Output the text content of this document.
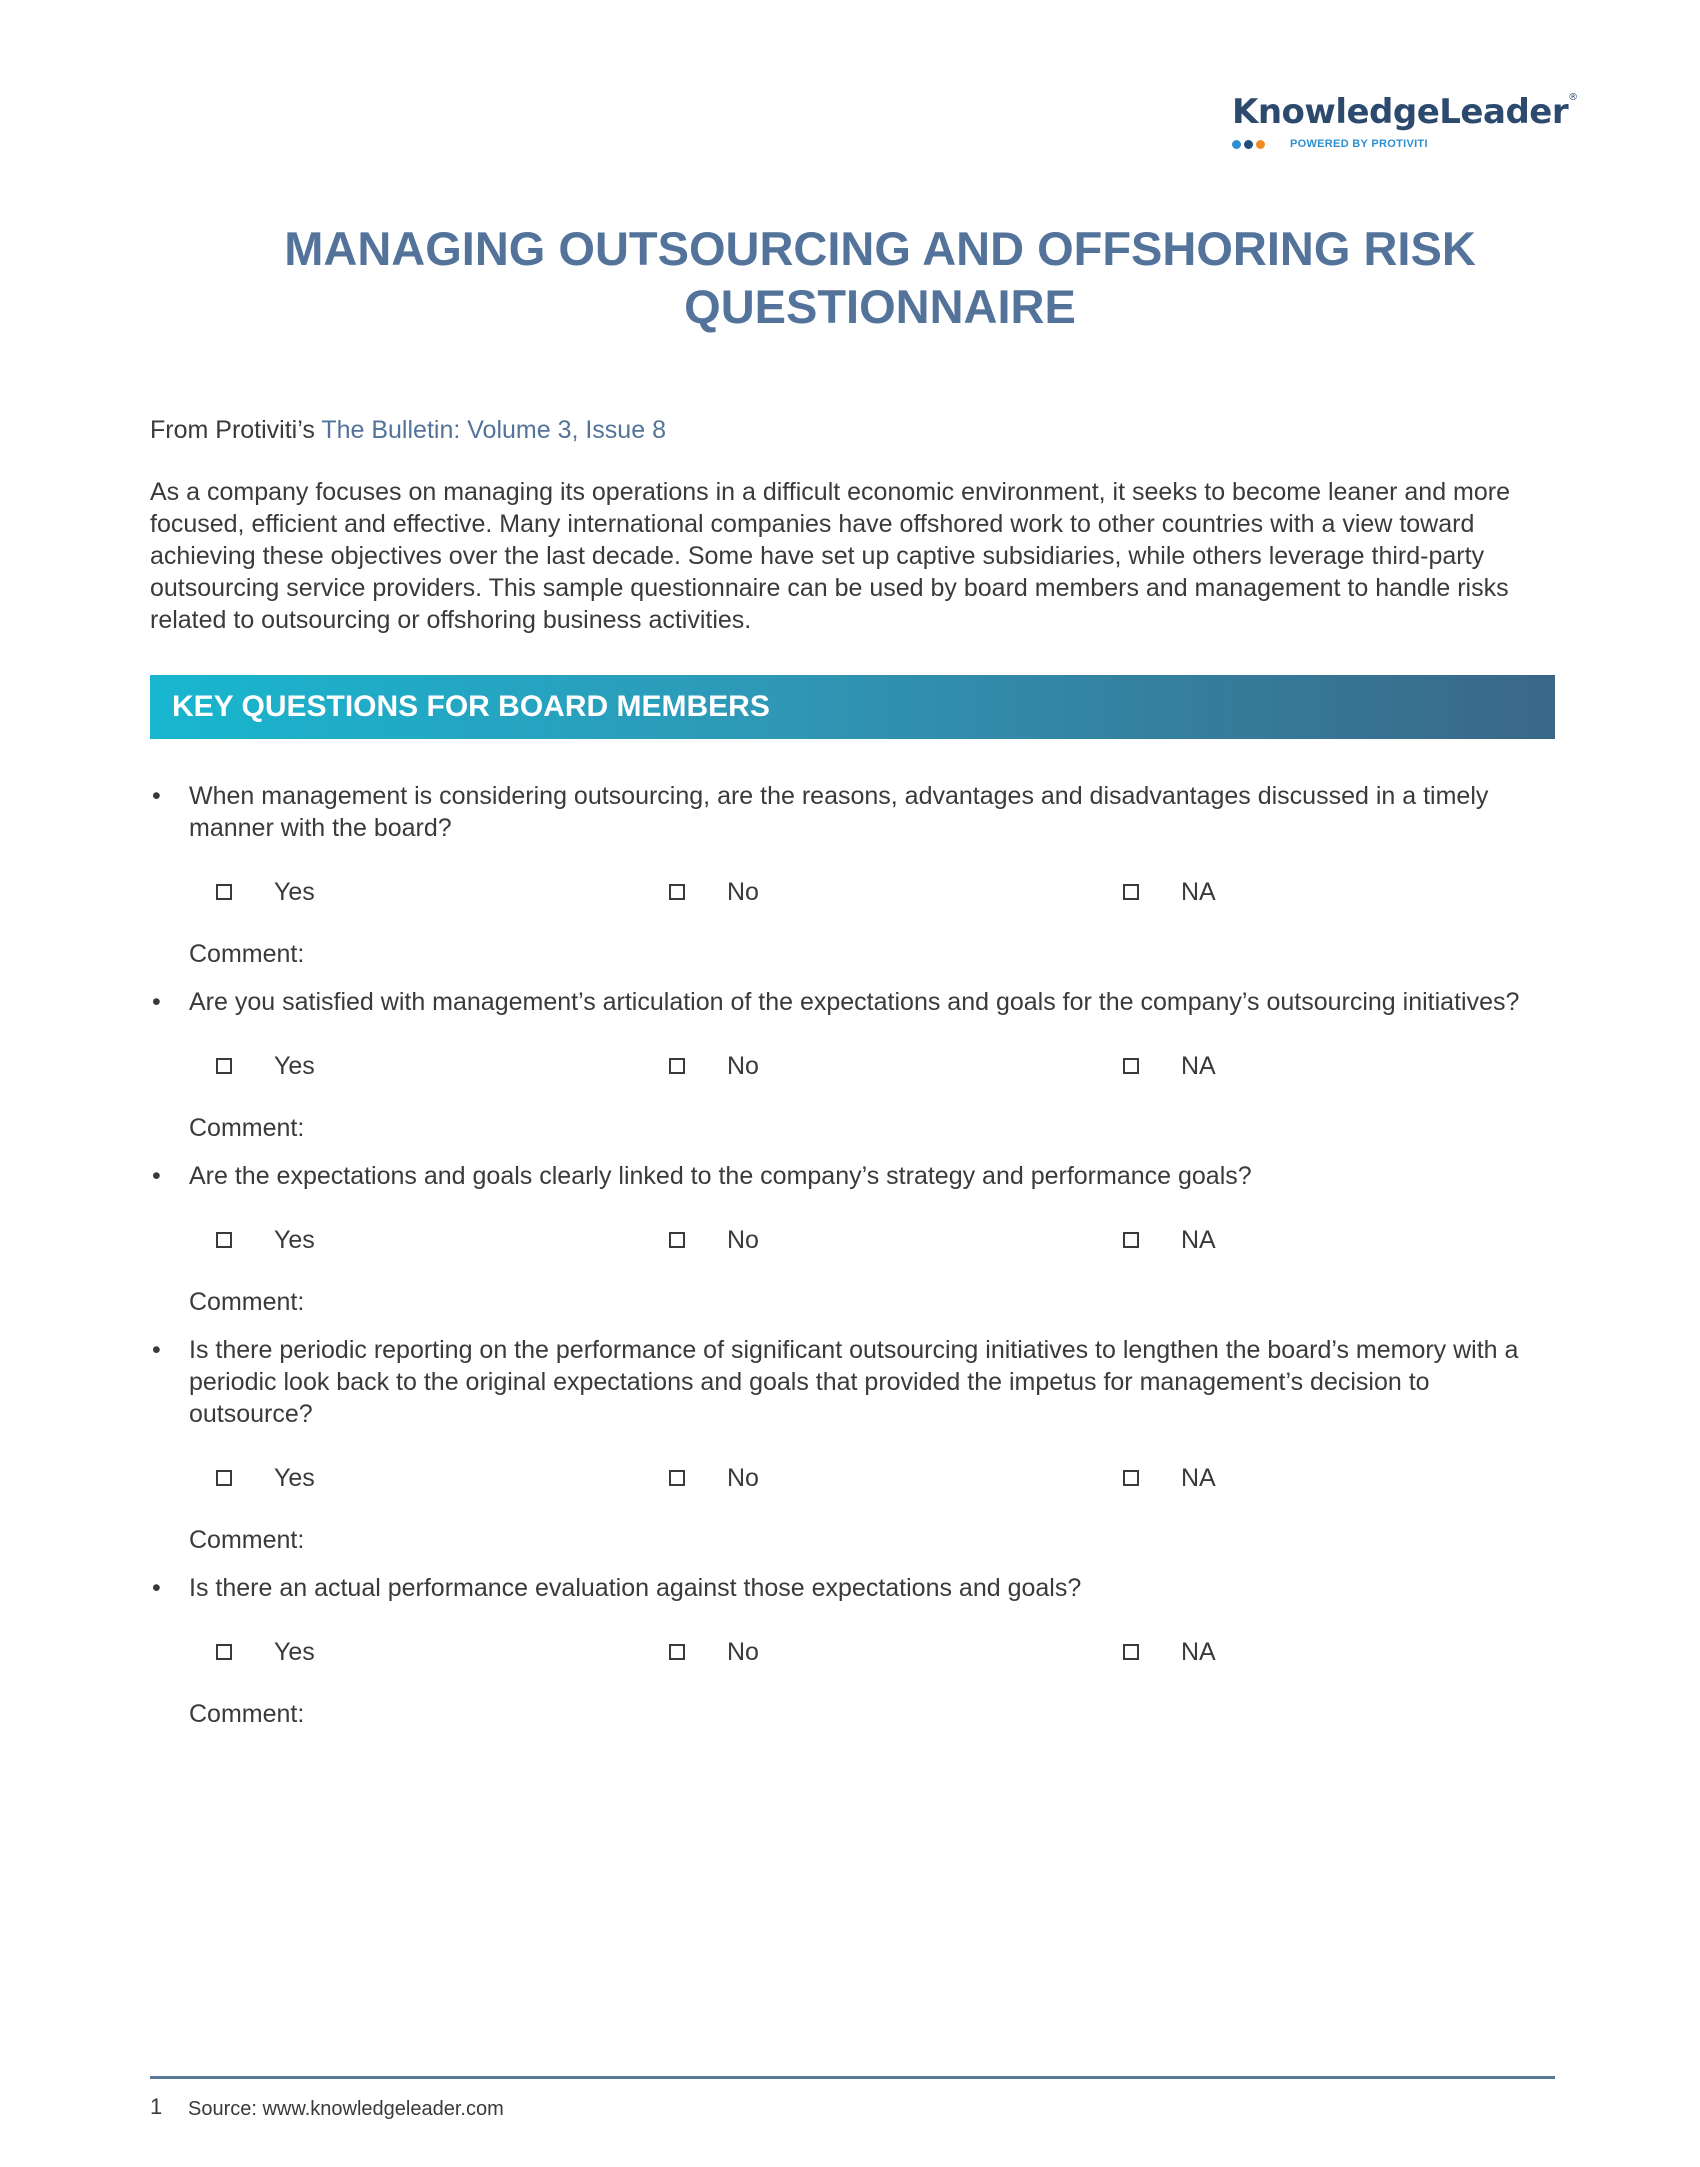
KnowledgeLeader®
POWERED BY PROTIVITI
MANAGING OUTSOURCING AND OFFSHORING RISK QUESTIONNAIRE
From Protiviti’s The Bulletin: Volume 3, Issue 8

As a company focuses on managing its operations in a difficult economic environment, it seeks to become leaner and more focused, efficient and effective. Many international companies have offshored work to other countries with a view toward achieving these objectives over the last decade. Some have set up captive subsidiaries, while others leverage third-party outsourcing service providers. This sample questionnaire can be used by board members and management to handle risks related to outsourcing or offshoring business activities.

KEY QUESTIONS FOR BOARD MEMBERS
• When management is considering outsourcing, are the reasons, advantages and disadvantages discussed in a timely manner with the board?
Yes	No	NA
Comment:
• Are you satisfied with management’s articulation of the expectations and goals for the company’s outsourcing initiatives?
Yes	No	NA
Comment:
• Are the expectations and goals clearly linked to the company’s strategy and performance goals?
Yes	No	NA
Comment:
• Is there periodic reporting on the performance of significant outsourcing initiatives to lengthen the board’s memory with a periodic look back to the original expectations and goals that provided the impetus for management’s decision to outsource?
Yes	No	NA
Comment:
• Is there an actual performance evaluation against those expectations and goals?
Yes	No	NA
Comment:
1 Source: www.knowledgeleader.com
